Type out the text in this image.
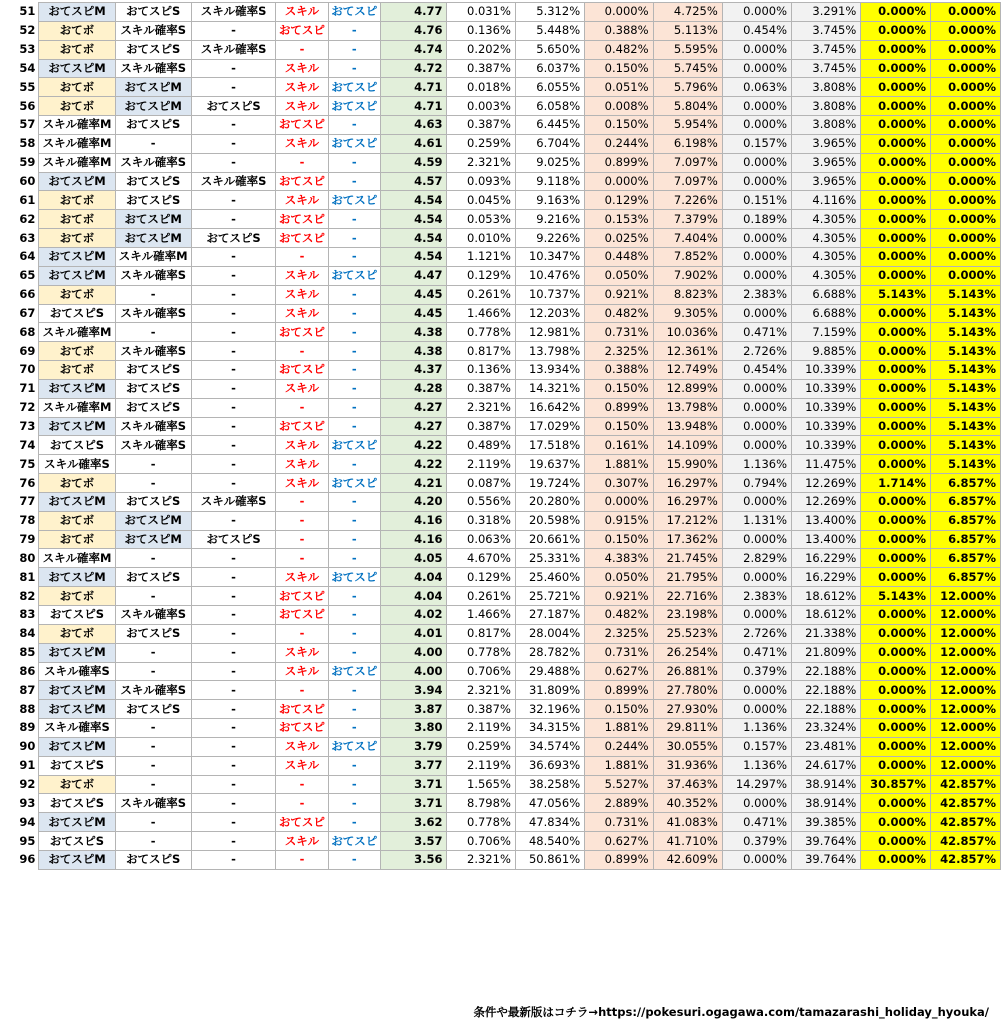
51	おてスピM	おてスピS	スキル確率S	スキル	おてスピ	4.77	0.031%	5.312%	0.000%	4.725%	0.000%	3.291%	0.000%	0.000%
52	おてボ	スキル確率S	-	おてスピ	-	4.76	0.136%	5.448%	0.388%	5.113%	0.454%	3.745%	0.000%	0.000%
53	おてボ	おてスピS	スキル確率S	-	-	4.74	0.202%	5.650%	0.482%	5.595%	0.000%	3.745%	0.000%	0.000%
54	おてスピM	スキル確率S	-	スキル	-	4.72	0.387%	6.037%	0.150%	5.745%	0.000%	3.745%	0.000%	0.000%
55	おてボ	おてスピM	-	スキル	おてスピ	4.71	0.018%	6.055%	0.051%	5.796%	0.063%	3.808%	0.000%	0.000%
56	おてボ	おてスピM	おてスピS	スキル	おてスピ	4.71	0.003%	6.058%	0.008%	5.804%	0.000%	3.808%	0.000%	0.000%
57	スキル確率M	おてスピS	-	おてスピ	-	4.63	0.387%	6.445%	0.150%	5.954%	0.000%	3.808%	0.000%	0.000%
58	スキル確率M	-	-	スキル	おてスピ	4.61	0.259%	6.704%	0.244%	6.198%	0.157%	3.965%	0.000%	0.000%
59	スキル確率M	スキル確率S	-	-	-	4.59	2.321%	9.025%	0.899%	7.097%	0.000%	3.965%	0.000%	0.000%
60	おてスピM	おてスピS	スキル確率S	おてスピ	-	4.57	0.093%	9.118%	0.000%	7.097%	0.000%	3.965%	0.000%	0.000%
61	おてボ	おてスピS	-	スキル	おてスピ	4.54	0.045%	9.163%	0.129%	7.226%	0.151%	4.116%	0.000%	0.000%
62	おてボ	おてスピM	-	おてスピ	-	4.54	0.053%	9.216%	0.153%	7.379%	0.189%	4.305%	0.000%	0.000%
63	おてボ	おてスピM	おてスピS	おてスピ	-	4.54	0.010%	9.226%	0.025%	7.404%	0.000%	4.305%	0.000%	0.000%
64	おてスピM	スキル確率M	-	-	-	4.54	1.121%	10.347%	0.448%	7.852%	0.000%	4.305%	0.000%	0.000%
65	おてスピM	スキル確率S	-	スキル	おてスピ	4.47	0.129%	10.476%	0.050%	7.902%	0.000%	4.305%	0.000%	0.000%
66	おてボ	-	-	スキル	-	4.45	0.261%	10.737%	0.921%	8.823%	2.383%	6.688%	5.143%	5.143%
67	おてスピS	スキル確率S	-	スキル	-	4.45	1.466%	12.203%	0.482%	9.305%	0.000%	6.688%	0.000%	5.143%
68	スキル確率M	-	-	おてスピ	-	4.38	0.778%	12.981%	0.731%	10.036%	0.471%	7.159%	0.000%	5.143%
69	おてボ	スキル確率S	-	-	-	4.38	0.817%	13.798%	2.325%	12.361%	2.726%	9.885%	0.000%	5.143%
70	おてボ	おてスピS	-	おてスピ	-	4.37	0.136%	13.934%	0.388%	12.749%	0.454%	10.339%	0.000%	5.143%
71	おてスピM	おてスピS	-	スキル	-	4.28	0.387%	14.321%	0.150%	12.899%	0.000%	10.339%	0.000%	5.143%
72	スキル確率M	おてスピS	-	-	-	4.27	2.321%	16.642%	0.899%	13.798%	0.000%	10.339%	0.000%	5.143%
73	おてスピM	スキル確率S	-	おてスピ	-	4.27	0.387%	17.029%	0.150%	13.948%	0.000%	10.339%	0.000%	5.143%
74	おてスピS	スキル確率S	-	スキル	おてスピ	4.22	0.489%	17.518%	0.161%	14.109%	0.000%	10.339%	0.000%	5.143%
75	スキル確率S	-	-	スキル	-	4.22	2.119%	19.637%	1.881%	15.990%	1.136%	11.475%	0.000%	5.143%
76	おてボ	-	-	スキル	おてスピ	4.21	0.087%	19.724%	0.307%	16.297%	0.794%	12.269%	1.714%	6.857%
77	おてスピM	おてスピS	スキル確率S	-	-	4.20	0.556%	20.280%	0.000%	16.297%	0.000%	12.269%	0.000%	6.857%
78	おてボ	おてスピM	-	-	-	4.16	0.318%	20.598%	0.915%	17.212%	1.131%	13.400%	0.000%	6.857%
79	おてボ	おてスピM	おてスピS	-	-	4.16	0.063%	20.661%	0.150%	17.362%	0.000%	13.400%	0.000%	6.857%
80	スキル確率M	-	-	-	-	4.05	4.670%	25.331%	4.383%	21.745%	2.829%	16.229%	0.000%	6.857%
81	おてスピM	おてスピS	-	スキル	おてスピ	4.04	0.129%	25.460%	0.050%	21.795%	0.000%	16.229%	0.000%	6.857%
82	おてボ	-	-	おてスピ	-	4.04	0.261%	25.721%	0.921%	22.716%	2.383%	18.612%	5.143%	12.000%
83	おてスピS	スキル確率S	-	おてスピ	-	4.02	1.466%	27.187%	0.482%	23.198%	0.000%	18.612%	0.000%	12.000%
84	おてボ	おてスピS	-	-	-	4.01	0.817%	28.004%	2.325%	25.523%	2.726%	21.338%	0.000%	12.000%
85	おてスピM	-	-	スキル	-	4.00	0.778%	28.782%	0.731%	26.254%	0.471%	21.809%	0.000%	12.000%
86	スキル確率S	-	-	スキル	おてスピ	4.00	0.706%	29.488%	0.627%	26.881%	0.379%	22.188%	0.000%	12.000%
87	おてスピM	スキル確率S	-	-	-	3.94	2.321%	31.809%	0.899%	27.780%	0.000%	22.188%	0.000%	12.000%
88	おてスピM	おてスピS	-	おてスピ	-	3.87	0.387%	32.196%	0.150%	27.930%	0.000%	22.188%	0.000%	12.000%
89	スキル確率S	-	-	おてスピ	-	3.80	2.119%	34.315%	1.881%	29.811%	1.136%	23.324%	0.000%	12.000%
90	おてスピM	-	-	スキル	おてスピ	3.79	0.259%	34.574%	0.244%	30.055%	0.157%	23.481%	0.000%	12.000%
91	おてスピS	-	-	スキル	-	3.77	2.119%	36.693%	1.881%	31.936%	1.136%	24.617%	0.000%	12.000%
92	おてボ	-	-	-	-	3.71	1.565%	38.258%	5.527%	37.463%	14.297%	38.914%	30.857%	42.857%
93	おてスピS	スキル確率S	-	-	-	3.71	8.798%	47.056%	2.889%	40.352%	0.000%	38.914%	0.000%	42.857%
94	おてスピM	-	-	おてスピ	-	3.62	0.778%	47.834%	0.731%	41.083%	0.471%	39.385%	0.000%	42.857%
95	おてスピS	-	-	スキル	おてスピ	3.57	0.706%	48.540%	0.627%	41.710%	0.379%	39.764%	0.000%	42.857%
96	おてスピM	おてスピS	-	-	-	3.56	2.321%	50.861%	0.899%	42.609%	0.000%	39.764%	0.000%	42.857%
条件や最新版はコチラ→https://pokesuri.ogagawa.com/tamazarashi_holiday_hyouka/
